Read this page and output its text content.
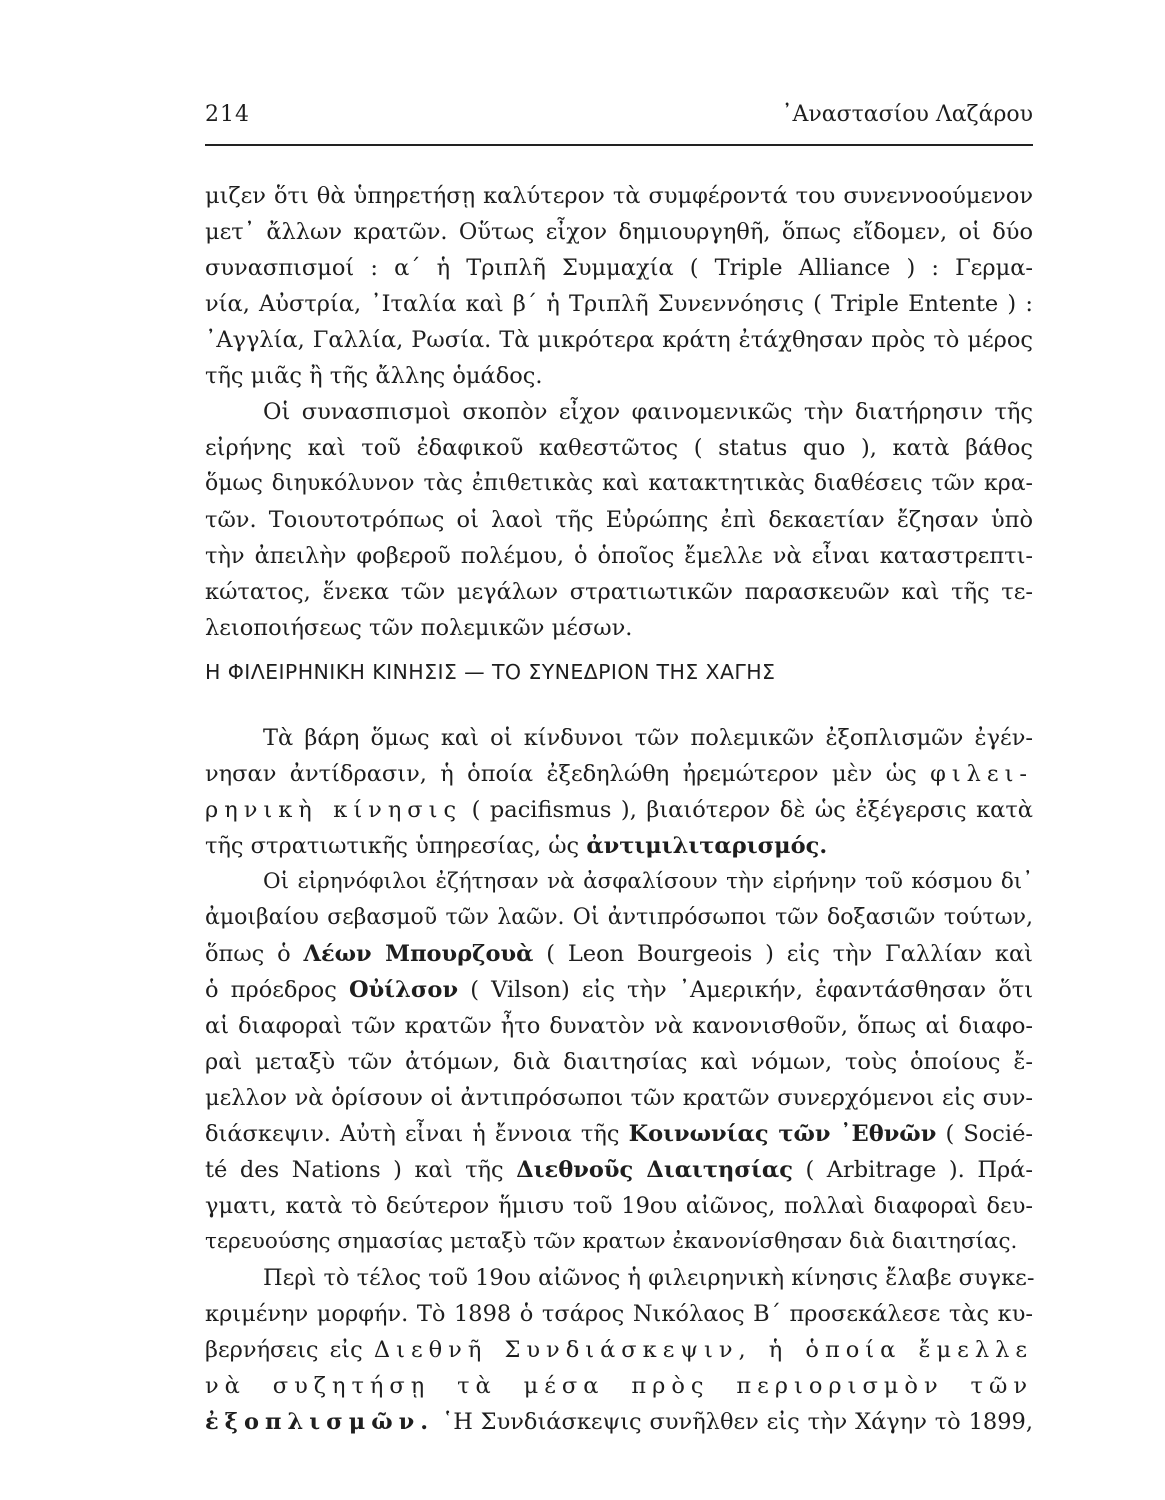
214	᾿Αναστασίου Λαζάρου
μιζεν ὅτι θὰ ὑπηρετήσῃ καλύτερον τὰ συμφέροντά του συνεννοούμενον
μετ᾿ ἄλλων κρατῶν. Οὕτως εἶχον δημιουργηθῆ, ὅπως εἴδομεν, οἱ δύο
συνασπισμοί : α΄ ἡ Τριπλῆ Συμμαχία ( Triple Alliance ) : Γερμα-
νία, Αὐστρία, ᾿Ιταλία καὶ β΄ ἡ Τριπλῆ Συνεννόησις ( Triple Entente ) :
᾿Αγγλία, Γαλλία, Ρωσία. Τὰ μικρότερα κράτη ἐτάχθησαν πρὸς τὸ μέρος
τῆς μιᾶς ἢ τῆς ἄλλης ὁμάδος.
Οἱ συνασπισμοὶ σκοπὸν εἶχον φαινομενικῶς τὴν διατήρησιν τῆς
εἰρήνης καὶ τοῦ ἐδαφικοῦ καθεστῶτος ( status quo ), κατὰ βάθος
ὅμως διηυκόλυνον τὰς ἐπιθετικὰς καὶ κατακτητικὰς διαθέσεις τῶν κρα-
τῶν. Τοιουτοτρόπως οἱ λαοὶ τῆς Εὐρώπης ἐπὶ δεκαετίαν ἔζησαν ὑπὸ
τὴν ἀπειλὴν φοβεροῦ πολέμου, ὁ ὁποῖος ἔμελλε νὰ εἶναι καταστρεπτι-
κώτατος, ἕνεκα τῶν μεγάλων στρατιωτικῶν παρασκευῶν καὶ τῆς τε-
λειοποιήσεως τῶν πολεμικῶν μέσων.
Η ΦΙΛΕΙΡΗΝΙΚΗ ΚΙΝΗΣΙΣ — ΤΟ ΣΥΝΕΔΡΙΟΝ ΤΗΣ ΧΑΓΗΣ
Τὰ βάρη ὅμως καὶ οἱ κίνδυνοι τῶν πολεμικῶν ἐξοπλισμῶν ἐγέν-
νησαν ἀντίδρασιν, ἡ ὁποία ἐξεδηλώθη ἠρεμώτερον μὲν ὡς φιλει-
ρηνικὴ κίνησις ( pacifismus ), βιαιότερον δὲ ὡς ἐξέγερσις κατὰ
τῆς στρατιωτικῆς ὑπηρεσίας, ὡς ἀντιμιλιταρισμός.
Οἱ εἰρηνόφιλοι ἐζήτησαν νὰ ἀσφαλίσουν τὴν εἰρήνην τοῦ κόσμου δι᾿
ἀμοιβαίου σεβασμοῦ τῶν λαῶν. Οἱ ἀντιπρόσωποι τῶν δοξασιῶν τούτων,
ὅπως ὁ Λέων Μπουρζουὰ ( Leon Bourgeois ) εἰς τὴν Γαλλίαν καὶ
ὁ πρόεδρος Οὐίλσον ( Vilson) εἰς τὴν ᾿Αμερικήν, ἐφαντάσθησαν ὅτι
αἱ διαφοραὶ τῶν κρατῶν ἦτο δυνατὸν νὰ κανονισθοῦν, ὅπως αἱ διαφο-
ραὶ μεταξὺ τῶν ἀτόμων, διὰ διαιτησίας καὶ νόμων, τοὺς ὁποίους ἔ-
μελλον νὰ ὁρίσουν οἱ ἀντιπρόσωποι τῶν κρατῶν συνερχόμενοι εἰς συν-
διάσκεψιν. Αὐτὴ εἶναι ἡ ἔννοια τῆς Κοινωνίας τῶν ᾿Εθνῶν ( Socié-
té des Nations ) καὶ τῆς Διεθνοῦς Διαιτησίας ( Arbitrage ). Πρά-
γματι, κατὰ τὸ δεύτερον ἥμισυ τοῦ 19ου αἰῶνος, πολλαὶ διαφοραὶ δευ-
τερευούσης σημασίας μεταξὺ τῶν κρατων ἐκανονίσθησαν διὰ διαιτησίας.
Περὶ τὸ τέλος τοῦ 19ου αἰῶνος ἡ φιλειρηνικὴ κίνησις ἔλαβε συγκε-
κριμένην μορφήν. Τὸ 1898 ὁ τσάρος Νικόλαος Β΄ προσεκάλεσε τὰς κυ-
βερνήσεις εἰς Διεθνῆ Συνδιάσκεψιν, ἡ ὁποία ἔμελλε
νὰ συζητήσῃ τὰ μέσα πρὸς περιορισμὸν τῶν
ἐξοπλισμῶν. ῾Η Συνδιάσκεψις συνῆλθεν εἰς τὴν Χάγην τὸ 1899,
